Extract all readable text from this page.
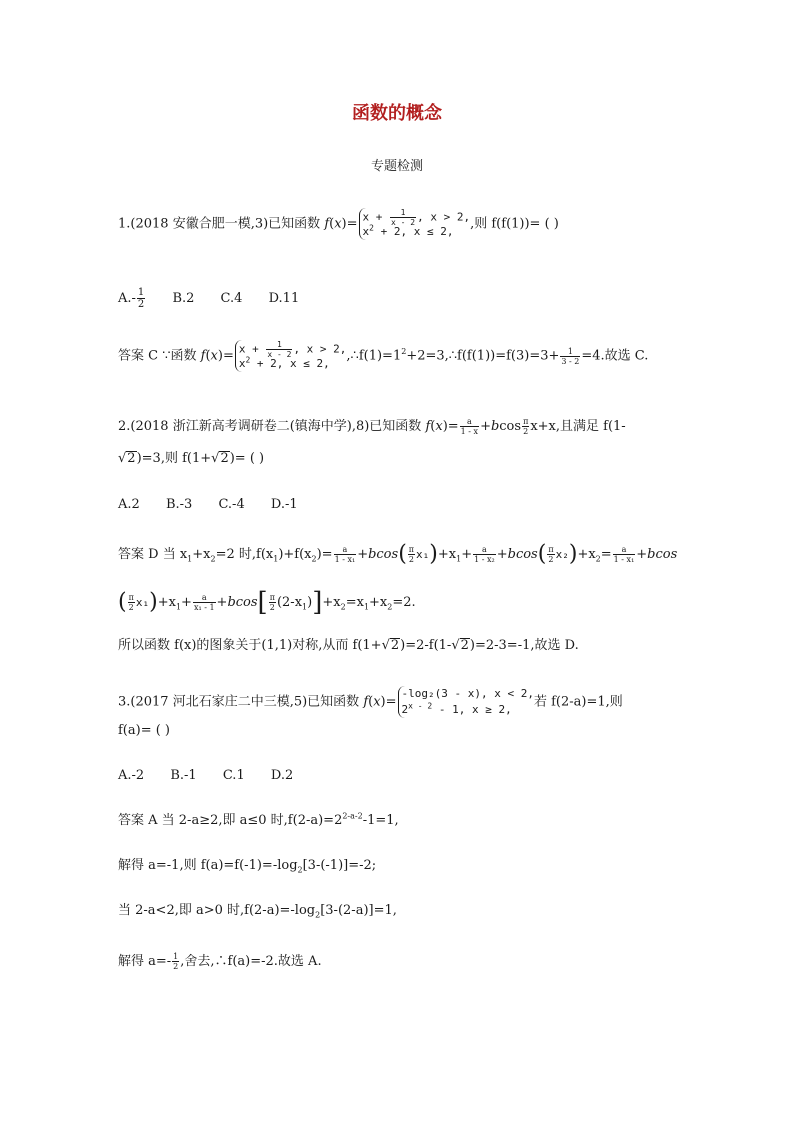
函数的概念
专题检测
1.(2018 安徽合肥一模,3)已知函数 $f(x)= x + \frac{1}{x - 2}$ , x > 2,
$x^2 + 2$, x ≤ 2,	,则 f(f(1))= ( )
$A.- \frac{1}{2} B.2$ C.4 D.11
答案 C ∵函数 $f(x)= x + \frac{1}{x - 2}$ , x > 2,
$x^2 + 2$, x ≤ 2,	$,\therefore f(1)=1^2+2=3,\therefore f(f(1))=f(3)=3+ \frac{1}{3 - 2} =4$.故选 C.
2.(2018 浙江新高考调研卷二(镇海中学),8)已知函数 $f(x)= \frac{a}{1 - x} +bcos \frac{\pi}{2} x+x$,且满足 f(1-
√2)=3,则 f(1+√2)= ( )
A.2 B.-3 C.-4 D.-1
答案 D 当 $x_1+x_2=2$ 时$,f(x_1)+f(x_2)= \frac{a}{\text{1 - x₁}} +bcos( \frac{\pi}{2} x_1)+x_1+ \frac{a}{\text{1 - x₂}} +bcos( \frac{\pi}{2} x_2)+x_2= \frac{a}{\text{1 - x₁}} +bcos$
( $\frac{\pi}{2} x_1)+x_1+ \frac{a}{\text{x₁ - 1}} +bcos[ \frac{\pi}{2} (2-x_1)]+x_2=x_1+x_2=2$.
所以函数 f(x)的图象关于(1,1)对称,从而 f(1+√2)=2-f(1-√2)=2-3=-1,故选 D.
3.(2017 河北石家庄二中三模,5)已知函数 f(x)=
-log₂(3 - x), x < 2,
2$^{x - 2}$ - 1, x ≥ 2,	若 f(2-a)=1,则
f(a)= ( )
A.-2 B.-1 C.1 D.2
答案 A 当 2-a≥2,即 a≤0 时$,f(2-a)=2^{2-a-2}-1=1$,
解得 a=-1,则 $f(a)=f(-1)=-\log_2[3-(-1)]=-2$;
当 2-a<2,即 a>0 时$,f(2-a)=-\log_2[3-(2-a)]=1$,
解得 $a=- \frac{1}{2}$ ,舍去,∴f(a)=-2.故选 A.
